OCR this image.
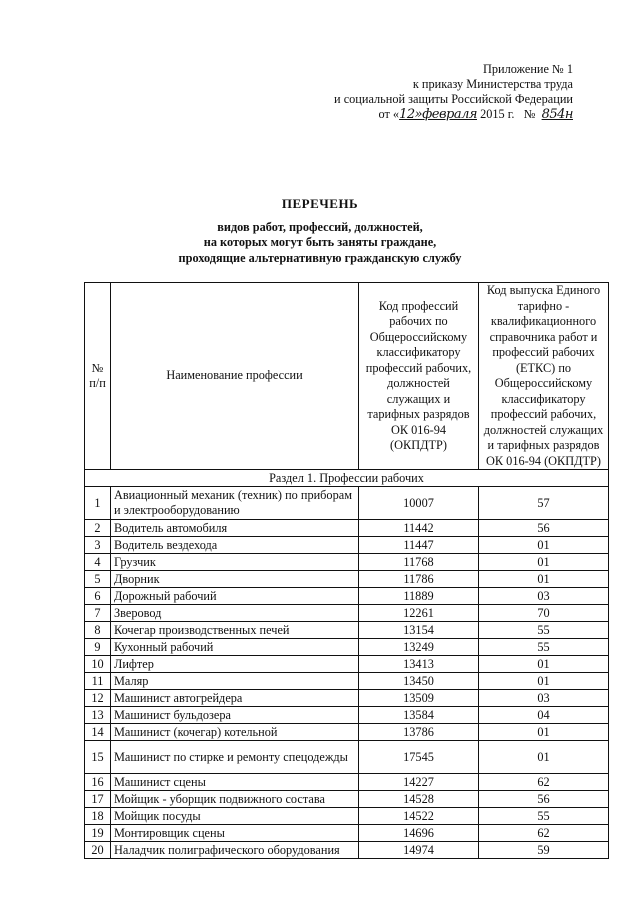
Приложение № 1
к приказу Министерства труда
и социальной защиты Российской Федерации
от «12»февраля 2015 г. № 854н
ПЕРЕЧЕНЬ
видов работ, профессий, должностей,
на которых могут быть заняты граждане,
проходящие альтернативную гражданскую службу
№ п/п	Наименование профессии	Код профессий рабочих по Общероссийскому классификатору профессий рабочих, должностей служащих и тарифных разрядов ОК 016-94 (ОКПДТР)	Код выпуска Единого тарифно - квалификационного справочника работ и профессий рабочих (ЕТКС) по Общероссийскому классификатору профессий рабочих, должностей служащих и тарифных разрядов ОК 016-94 (ОКПДТР)
Раздел 1. Профессии рабочих			
1	Авиационный механик (техник) по приборам и электрооборудованию	10007	57
2	Водитель автомобиля	11442	56
3	Водитель вездехода	11447	01
4	Грузчик	11768	01
5	Дворник	11786	01
6	Дорожный рабочий	11889	03
7	Зверовод	12261	70
8	Кочегар производственных печей	13154	55
9	Кухонный рабочий	13249	55
10	Лифтер	13413	01
11	Маляр	13450	01
12	Машинист автогрейдера	13509	03
13	Машинист бульдозера	13584	04
14	Машинист (кочегар) котельной	13786	01
15	Машинист по стирке и ремонту спецодежды	17545	01
16	Машинист сцены	14227	62
17	Мойщик - уборщик подвижного состава	14528	56
18	Мойщик посуды	14522	55
19	Монтировщик сцены	14696	62
20	Наладчик полиграфического оборудования	14974	59
